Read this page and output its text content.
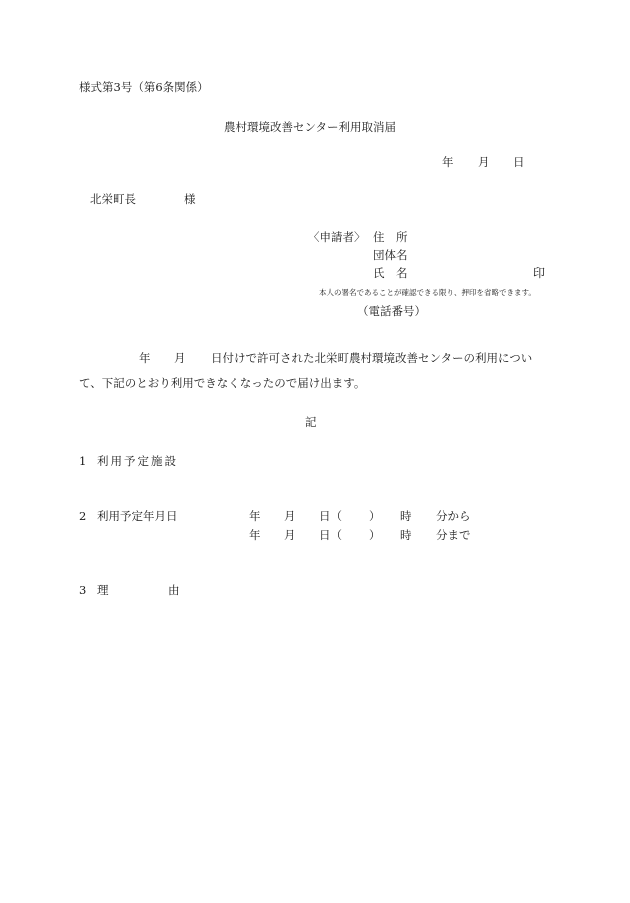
様式第3号（第6条関係）
農村環境改善センター利用取消届
年 月 日
北栄町長	様
〈申請者〉 住　所
団体名
氏　名	印
本人の署名であることが確認できる限り、押印を省略できます。
（電話番号）
年 月 日付けで許可された北栄町農村環境改善センターの利用につい
て、下記のとおり利用できなくなったので届け出ます。
記
1 利用予定施設
2 利用予定年月日	年 月 日（ ） 時 分から
年 月 日（ ） 時 分まで
3 理	由
